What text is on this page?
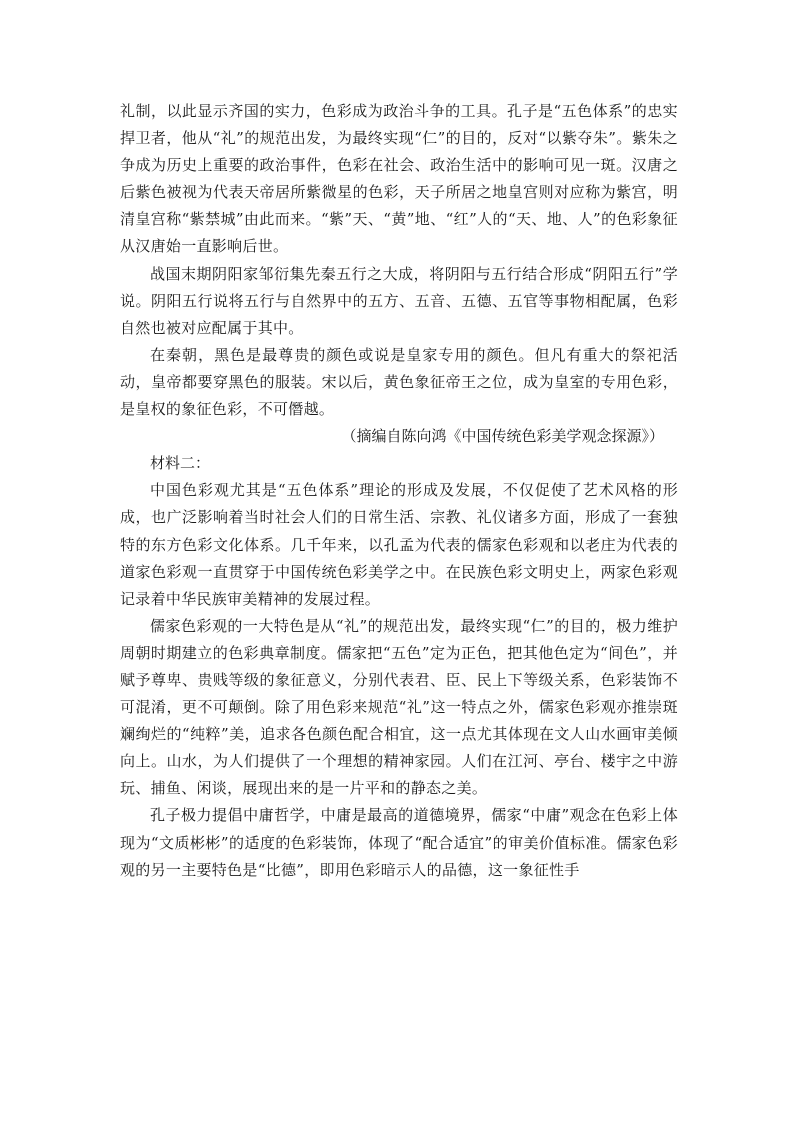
礼制，以此显示齐国的实力，色彩成为政治斗争的工具。孔子是“五色体系”的忠实捍卫者，他从“礼”的规范出发，为最终实现“仁”的目的，反对“以紫夺朱”。紫朱之争成为历史上重要的政治事件，色彩在社会、政治生活中的影响可见一斑。汉唐之后紫色被视为代表天帝居所紫微星的色彩，天子所居之地皇宫则对应称为紫宫，明清皇宫称“紫禁城”由此而来。“紫”天、“黄”地、“红”人的“天、地、人”的色彩象征从汉唐始一直影响后世。

战国末期阴阳家邹衍集先秦五行之大成，将阴阳与五行结合形成“阴阳五行”学说。阴阳五行说将五行与自然界中的五方、五音、五德、五官等事物相配属，色彩自然也被对应配属于其中。

在秦朝，黑色是最尊贵的颜色或说是皇家专用的颜色。但凡有重大的祭祀活动，皇帝都要穿黑色的服装。宋以后，黄色象征帝王之位，成为皇室的专用色彩，是皇权的象征色彩，不可僭越。

（摘编自陈向鸿《中国传统色彩美学观念探源》）

材料二：

中国色彩观尤其是“五色体系”理论的形成及发展，不仅促使了艺术风格的形成，也广泛影响着当时社会人们的日常生活、宗教、礼仪诸多方面，形成了一套独特的东方色彩文化体系。几千年来，以孔孟为代表的儒家色彩观和以老庄为代表的道家色彩观一直贯穿于中国传统色彩美学之中。在民族色彩文明史上，两家色彩观记录着中华民族审美精神的发展过程。

儒家色彩观的一大特色是从“礼”的规范出发，最终实现“仁”的目的，极力维护周朝时期建立的色彩典章制度。儒家把“五色”定为正色，把其他色定为“间色”，并赋予尊卑、贵贱等级的象征意义，分别代表君、臣、民上下等级关系，色彩装饰不可混淆，更不可颠倒。除了用色彩来规范“礼”这一特点之外，儒家色彩观亦推崇斑斓绚烂的“纯粹”美，追求各色颜色配合相宜，这一点尤其体现在文人山水画审美倾向上。山水，为人们提供了一个理想的精神家园。人们在江河、亭台、楼宇之中游玩、捕鱼、闲谈，展现出来的是一片平和的静态之美。

孔子极力提倡中庸哲学，中庸是最高的道德境界，儒家“中庸”观念在色彩上体现为“文质彬彬”的适度的色彩装饰，体现了“配合适宜”的审美价值标准。儒家色彩观的另一主要特色是“比德”，即用色彩暗示人的品德，这一象征性手
